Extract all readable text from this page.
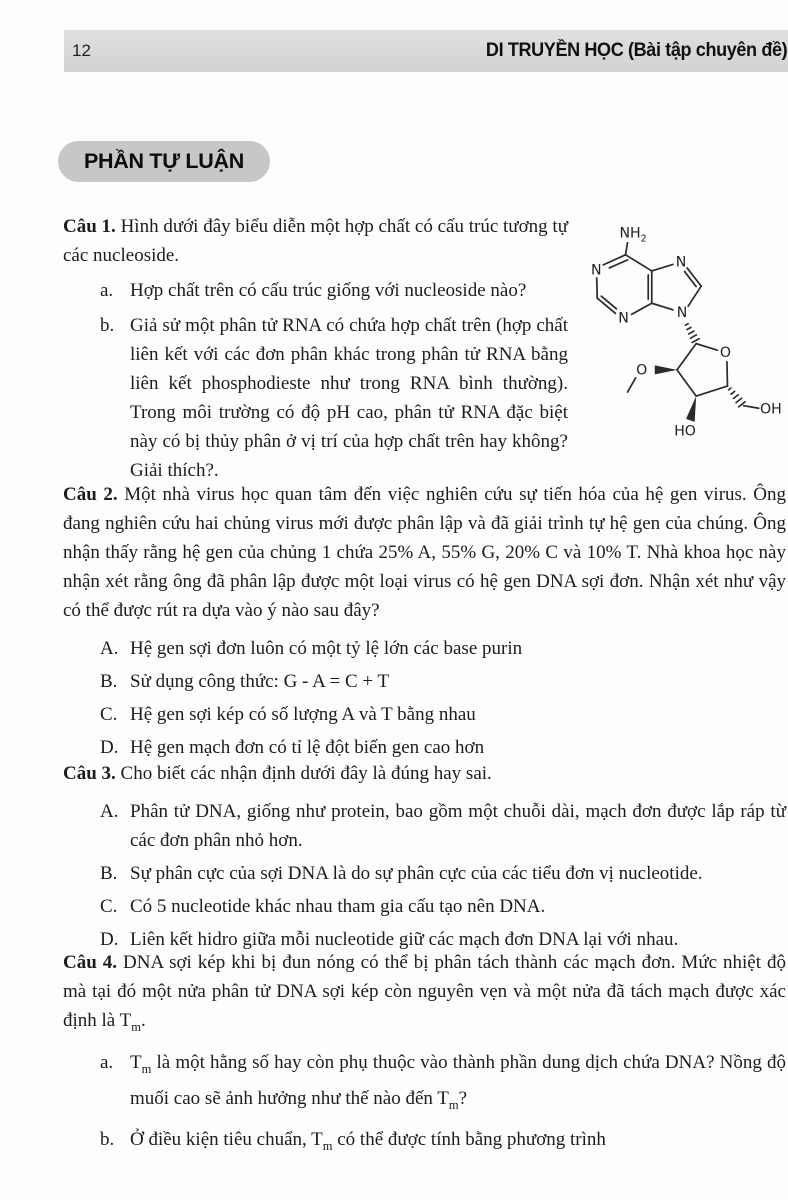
12	DI TRUYỀN HỌC (Bài tập chuyên đề)
PHẦN TỰ LUẬN

Câu 1. Hình dưới đây biểu diễn một hợp chất có cấu trúc tương tự các nucleoside.

a. Hợp chất trên có cấu trúc giống với nucleoside nào?
b. Giả sử một phân tử RNA có chứa hợp chất trên (hợp chất liên kết với các đơn phân khác trong phân tử RNA bằng liên kết phosphodieste như trong RNA bình thường). Trong môi trường có độ pH cao, phân tử RNA đặc biệt này có bị thủy phân ở vị trí của hợp chất trên hay không? Giải thích?.
$NH_2$
N
N
N
N
O
O
HO
OH

Câu 2. Một nhà virus học quan tâm đến việc nghiên cứu sự tiến hóa của hệ gen virus. Ông đang nghiên cứu hai chủng virus mới được phân lập và đã giải trình tự hệ gen của chúng. Ông nhận thấy rằng hệ gen của chủng 1 chứa 25% A, 55% G, 20% C và 10% T. Nhà khoa học này nhận xét rằng ông đã phân lập được một loại virus có hệ gen DNA sợi đơn. Nhận xét như vậy có thể được rút ra dựa vào ý nào sau đây?

A. Hệ gen sợi đơn luôn có một tỷ lệ lớn các base purin
B. Sử dụng công thức: G - A = C + T
C. Hệ gen sợi kép có số lượng A và T bằng nhau
D. Hệ gen mạch đơn có tỉ lệ đột biến gen cao hơn

Câu 3. Cho biết các nhận định dưới đây là đúng hay sai.

A. Phân tử DNA, giống như protein, bao gồm một chuỗi dài, mạch đơn được lắp ráp từ các đơn phân nhỏ hơn.
B. Sự phân cực của sợi DNA là do sự phân cực của các tiểu đơn vị nucleotide.
C. Có 5 nucleotide khác nhau tham gia cấu tạo nên DNA.
D. Liên kết hidro giữa mỗi nucleotide giữ các mạch đơn DNA lại với nhau.

Câu 4. DNA sợi kép khi bị đun nóng có thể bị phân tách thành các mạch đơn. Mức nhiệt độ mà tại đó một nửa phân tử DNA sợi kép còn nguyên vẹn và một nửa đã tách mạch được xác định là $T_m$.

a. $T_m$ là một hằng số hay còn phụ thuộc vào thành phần dung dịch chứa DNA? Nồng độ muối cao sẽ ảnh hưởng như thế nào đến $T_m$?
b. Ở điều kiện tiêu chuẩn, $T_m$ có thể được tính bằng phương trình
